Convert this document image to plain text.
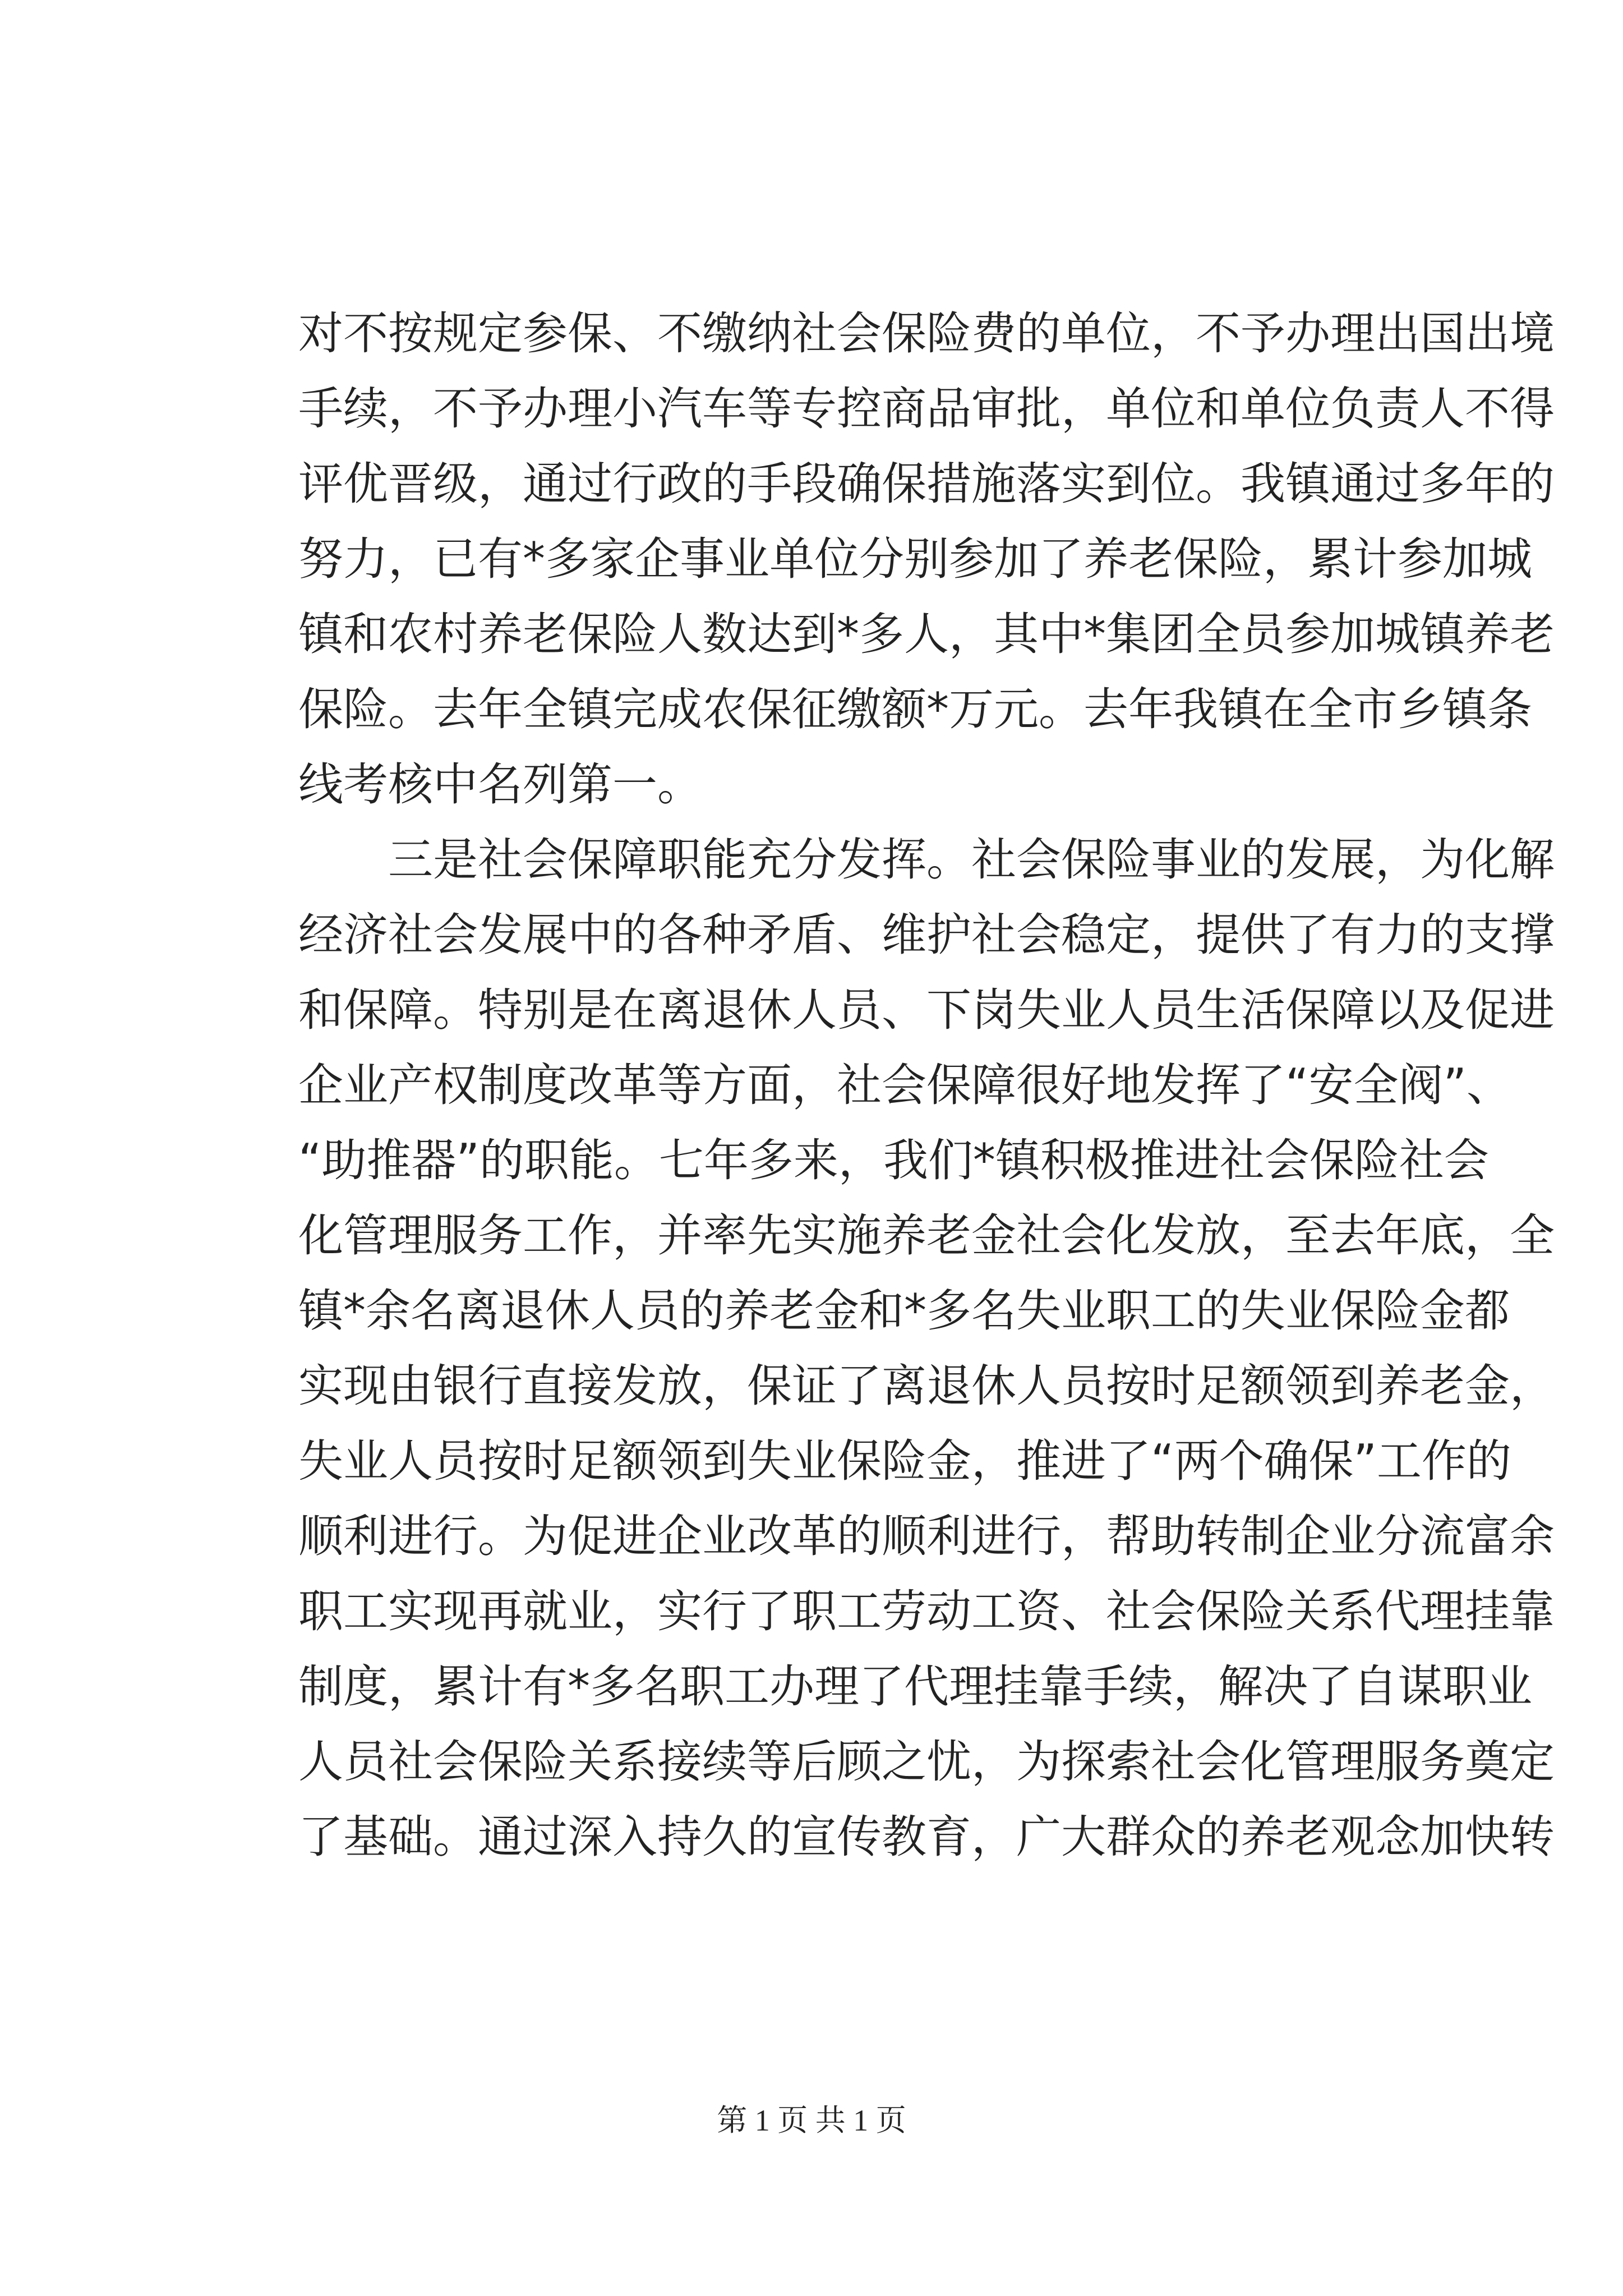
对不按规定参保、不缴纳社会保险费的单位，不予办理出国出境
手续，不予办理小汽车等专控商品审批，单位和单位负责人不得
评优晋级，通过行政的手段确保措施落实到位。我镇通过多年的
努力，已有*多家企事业单位分别参加了养老保险，累计参加城
镇和农村养老保险人数达到*多人，其中*集团全员参加城镇养老
保险。去年全镇完成农保征缴额*万元。去年我镇在全市乡镇条
线考核中名列第一。
三是社会保障职能充分发挥。社会保险事业的发展，为化解
经济社会发展中的各种矛盾、维护社会稳定，提供了有力的支撑
和保障。特别是在离退休人员、下岗失业人员生活保障以及促进
企业产权制度改革等方面，社会保障很好地发挥了“安全阀”、
“助推器”的职能。七年多来，我们*镇积极推进社会保险社会
化管理服务工作，并率先实施养老金社会化发放，至去年底，全
镇*余名离退休人员的养老金和*多名失业职工的失业保险金都
实现由银行直接发放，保证了离退休人员按时足额领到养老金，
失业人员按时足额领到失业保险金，推进了“两个确保”工作的
顺利进行。为促进企业改革的顺利进行，帮助转制企业分流富余
职工实现再就业，实行了职工劳动工资、社会保险关系代理挂靠
制度，累计有*多名职工办理了代理挂靠手续，解决了自谋职业
人员社会保险关系接续等后顾之忧，为探索社会化管理服务奠定
了基础。通过深入持久的宣传教育，广大群众的养老观念加快转
第 1 页 共 1 页
